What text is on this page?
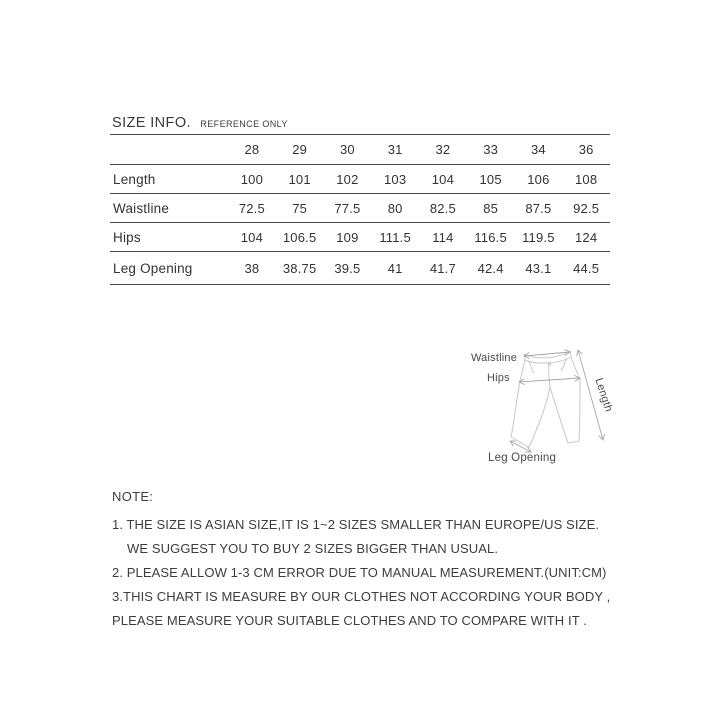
SIZE INFO. REFERENCE ONLY
	28	29	30	31	32	33	34	36
Length	100	101	102	103	104	105	106	108
Waistline	72.5	75	77.5	80	82.5	85	87.5	92.5
Hips	104	106.5	109	111.5	114	116.5	119.5	124
Leg Opening	38	38.75	39.5	41	41.7	42.4	43.1	44.5
Waistline
Hips	Length
Leg Opening
NOTE:
1. THE SIZE IS ASIAN SIZE,IT IS 1~2 SIZES SMALLER THAN EUROPE/US SIZE.
WE SUGGEST YOU TO BUY 2 SIZES BIGGER THAN USUAL.
2. PLEASE ALLOW 1-3 CM ERROR DUE TO MANUAL MEASUREMENT.(UNIT:CM)
3.THIS CHART IS MEASURE BY OUR CLOTHES NOT ACCORDING YOUR BODY ,
PLEASE MEASURE YOUR SUITABLE CLOTHES AND TO COMPARE WITH IT .
